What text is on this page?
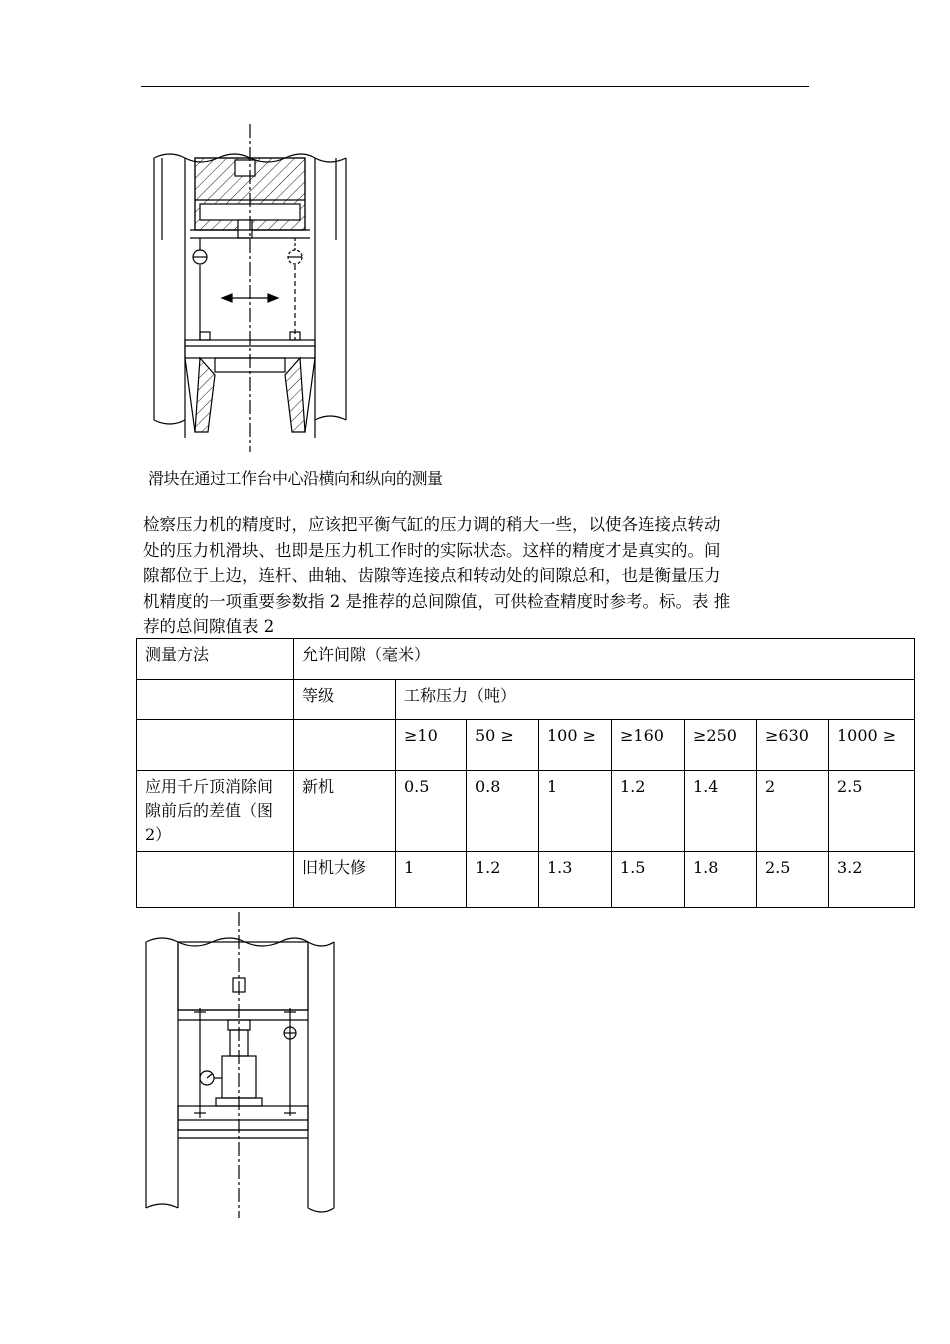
滑块在通过工作台中心沿横向和纵向的测量
检察压力机的精度时，应该把平衡气缸的压力调的稍大一些，以使各连接点转动
处的压力机滑块、也即是压力机工作时的实际状态。这样的精度才是真实的。间
隙都位于上边，连杆、曲轴、齿隙等连接点和转动处的间隙总和，也是衡量压力
机精度的一项重要参数指 2 是推荐的总间隙值，可供检查精度时参考。标。表 推
荐的总间隙值表 2
测量方法	允许间隙（毫米）							
	等级	工称压力（吨）						
		≥10	50 ≥	100 ≥	≥160	≥250	≥630	1000 ≥
应用千斤顶消除间隙前后的差值（图 2）	新机	0.5	0.8	1	1.2	1.4	2	2.5
	旧机大修	1	1.2	1.3	1.5	1.8	2.5	3.2
